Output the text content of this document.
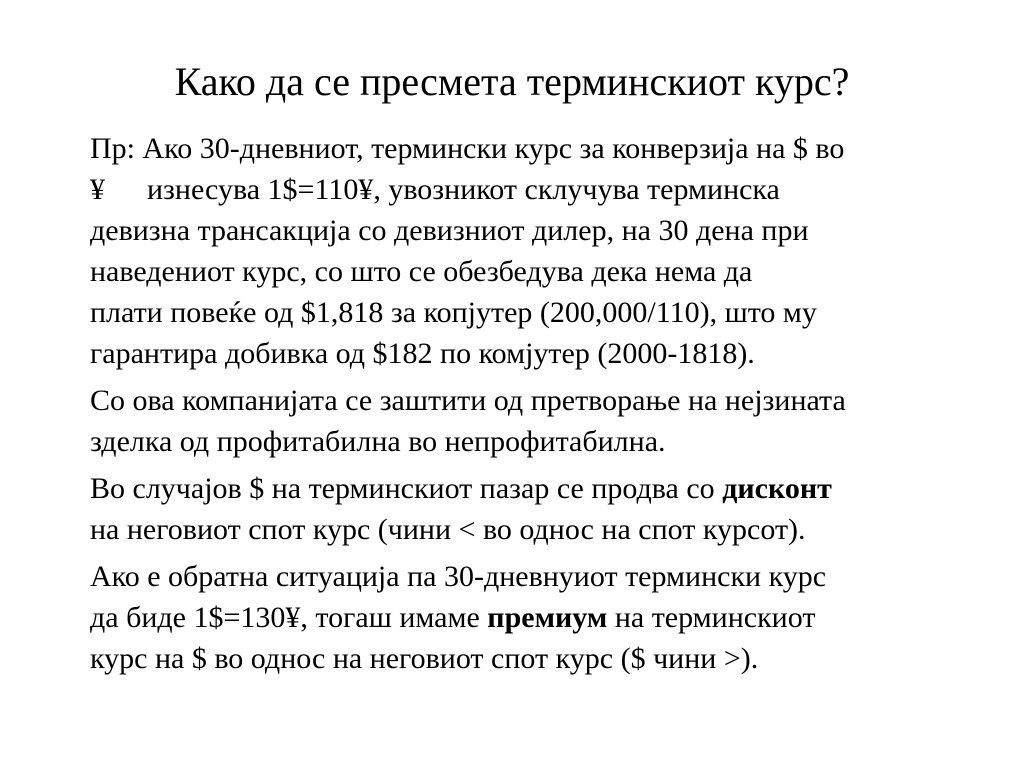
Како да се пресмета терминскиот курс?
Пр: Ако 30-дневниот, термински курс за конверзија на $ во
¥ изнесува 1$=110¥, увозникот склучува терминска
девизна трансакција со девизниот дилер, на 30 дена при
наведениот курс, со што се обезбедува дека нема да
плати повеќе од $1,818 за копјутер (200,000/110), што му
гарантира добивка од $182 по комјутер (2000-1818).
Со ова компанијата се заштити од претворање на нејзината
зделка од профитабилна во непрофитабилна.
Во случајов $ на терминскиот пазар се продва со дисконт
на неговиот спот курс (чини < во однос на спот курсот).
Ако е обратна ситуација па 30-дневнуиот термински курс
да биде 1$=130¥, тогаш имаме премиум на терминскиот
курс на $ во однос на неговиот спот курс ($ чини >).
